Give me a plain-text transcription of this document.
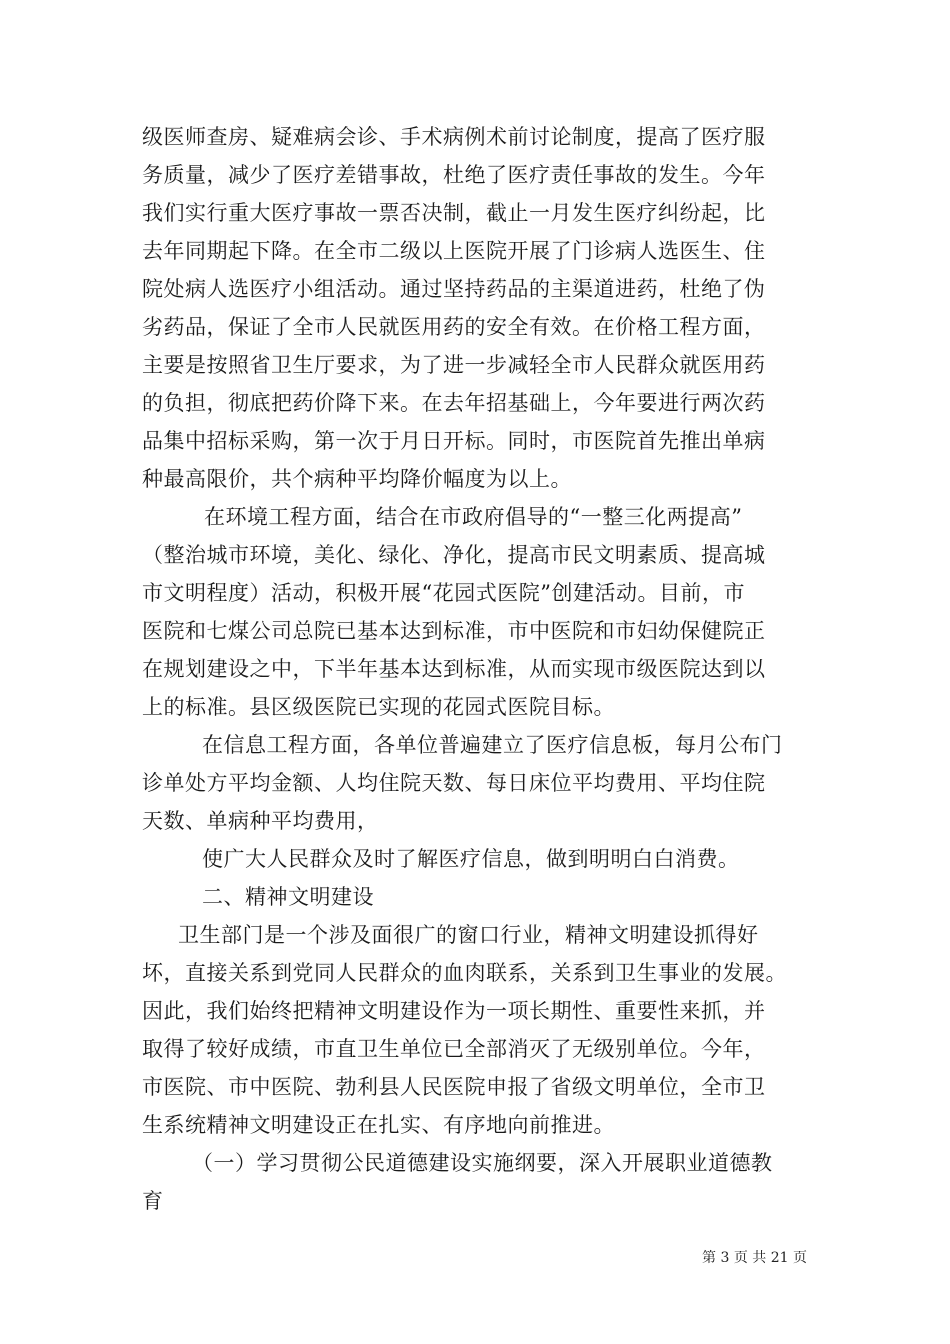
级医师查房、疑难病会诊、手术病例术前讨论制度，提高了医疗服
务质量，减少了医疗差错事故，杜绝了医疗责任事故的发生。今年
我们实行重大医疗事故一票否决制，截止一月发生医疗纠纷起，比
去年同期起下降。在全市二级以上医院开展了门诊病人选医生、住
院处病人选医疗小组活动。通过坚持药品的主渠道进药，杜绝了伪
劣药品，保证了全市人民就医用药的安全有效。在价格工程方面，
主要是按照省卫生厅要求，为了进一步减轻全市人民群众就医用药
的负担，彻底把药价降下来。在去年招基础上，今年要进行两次药
品集中招标采购，第一次于月日开标。同时，市医院首先推出单病
种最高限价，共个病种平均降价幅度为以上。
在环境工程方面，结合在市政府倡导的“一整三化两提高”
（整治城市环境，美化、绿化、净化，提高市民文明素质、提高城
市文明程度）活动，积极开展“花园式医院”创建活动。目前，市
医院和七煤公司总院已基本达到标准，市中医院和市妇幼保健院正
在规划建设之中，下半年基本达到标准，从而实现市级医院达到以
上的标准。县区级医院已实现的花园式医院目标。
在信息工程方面，各单位普遍建立了医疗信息板，每月公布门
诊单处方平均金额、人均住院天数、每日床位平均费用、平均住院
天数、单病种平均费用，
使广大人民群众及时了解医疗信息，做到明明白白消费。
二、精神文明建设
卫生部门是一个涉及面很广的窗口行业，精神文明建设抓得好
坏，直接关系到党同人民群众的血肉联系，关系到卫生事业的发展。
因此，我们始终把精神文明建设作为一项长期性、重要性来抓，并
取得了较好成绩，市直卫生单位已全部消灭了无级别单位。今年，
市医院、市中医院、勃利县人民医院申报了省级文明单位，全市卫
生系统精神文明建设正在扎实、有序地向前推进。
（一）学习贯彻公民道德建设实施纲要，深入开展职业道德教
育
第 3 页 共 21 页
